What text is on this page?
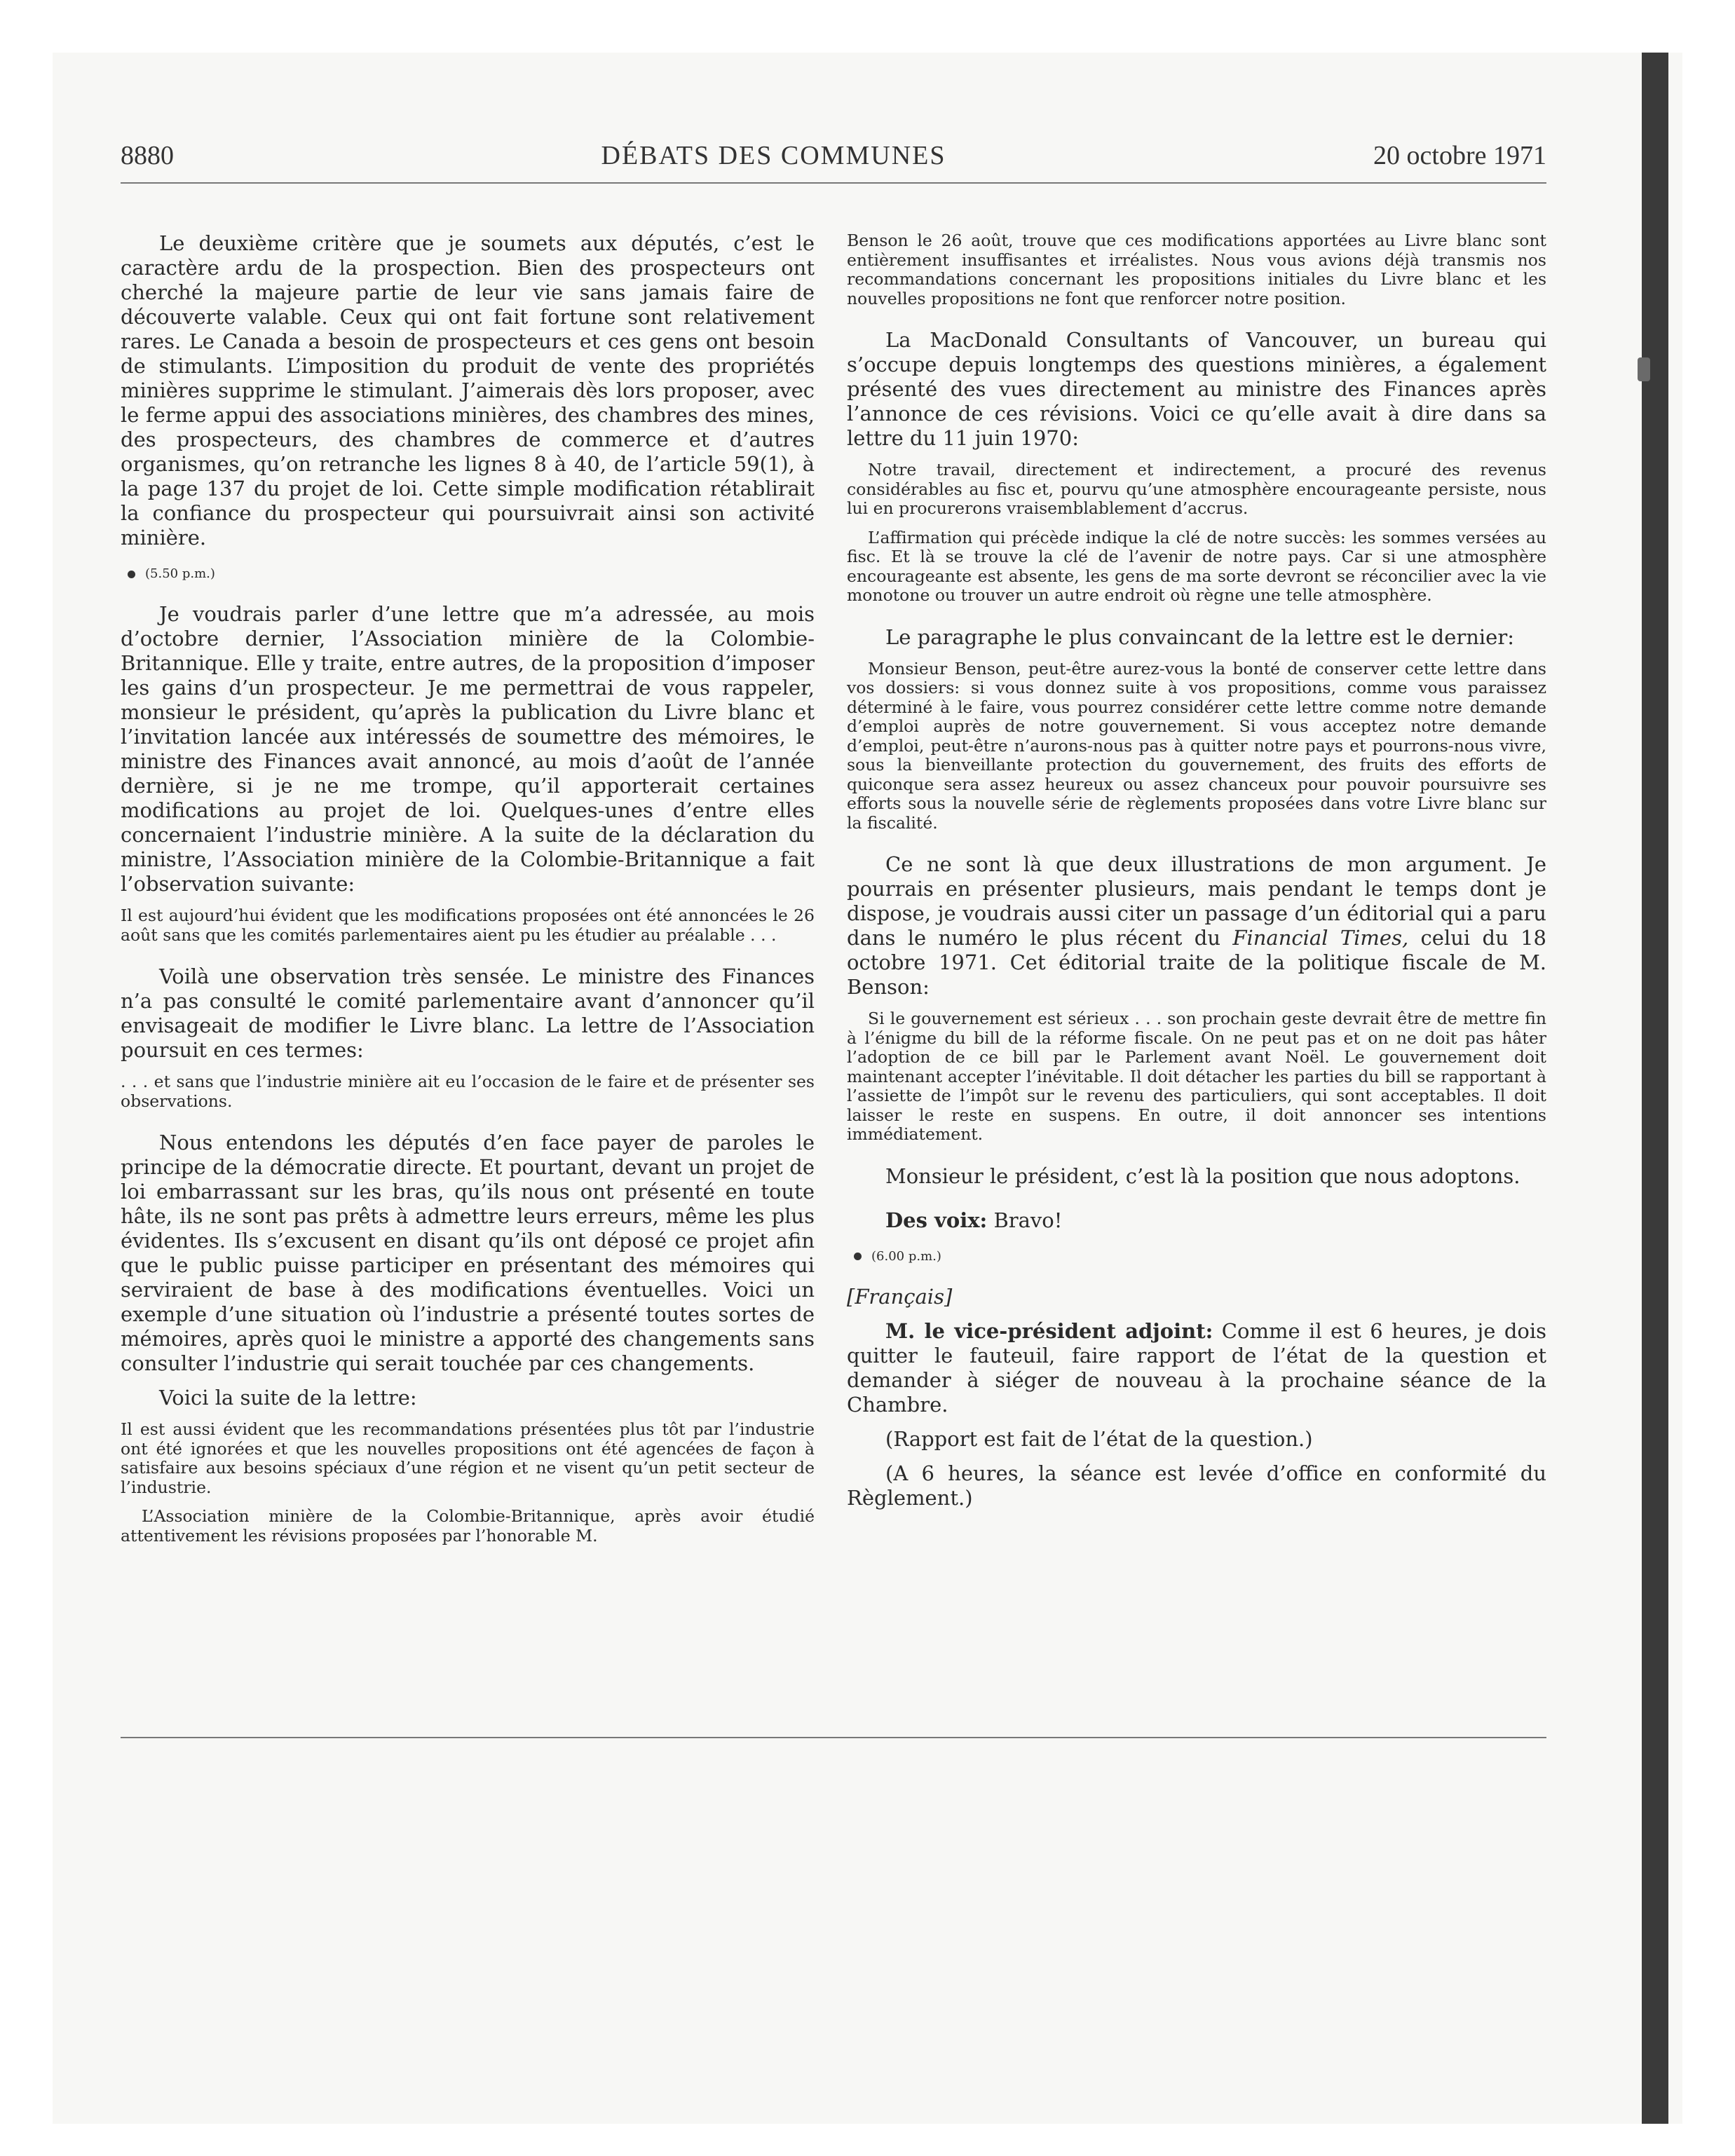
8880	DÉBATS DES COMMUNES	20 octobre 1971

Le deuxième critère que je soumets aux députés, c’est le caractère ardu de la prospection. Bien des prospecteurs ont cherché la majeure partie de leur vie sans jamais faire de découverte valable. Ceux qui ont fait fortune sont relativement rares. Le Canada a besoin de prospecteurs et ces gens ont besoin de stimulants. L’imposition du produit de vente des propriétés minières supprime le stimulant. J’aimerais dès lors proposer, avec le ferme appui des associations minières, des chambres des mines, des prospecteurs, des chambres de commerce et d’autres organismes, qu’on retranche les lignes 8 à 40, de l’article 59(1), à la page 137 du projet de loi. Cette simple modification rétablirait la confiance du prospecteur qui poursuivrait ainsi son activité minière.

(5.50 p.m.)

Je voudrais parler d’une lettre que m’a adressée, au mois d’octobre dernier, l’Association minière de la Colombie-Britannique. Elle y traite, entre autres, de la proposition d’imposer les gains d’un prospecteur. Je me permettrai de vous rappeler, monsieur le président, qu’après la publication du Livre blanc et l’invitation lancée aux intéressés de soumettre des mémoires, le ministre des Finances avait annoncé, au mois d’août de l’année dernière, si je ne me trompe, qu’il apporterait certaines modifications au projet de loi. Quelques-unes d’entre elles concernaient l’industrie minière. A la suite de la déclaration du ministre, l’Association minière de la Colombie-Britannique a fait l’observation suivante:

Il est aujourd’hui évident que les modifications proposées ont été annoncées le 26 août sans que les comités parlementaires aient pu les étudier au préalable . . .

Voilà une observation très sensée. Le ministre des Finances n’a pas consulté le comité parlementaire avant d’annoncer qu’il envisageait de modifier le Livre blanc. La lettre de l’Association poursuit en ces termes:

. . . et sans que l’industrie minière ait eu l’occasion de le faire et de présenter ses observations.

Nous entendons les députés d’en face payer de paroles le principe de la démocratie directe. Et pourtant, devant un projet de loi embarrassant sur les bras, qu’ils nous ont présenté en toute hâte, ils ne sont pas prêts à admettre leurs erreurs, même les plus évidentes. Ils s’excusent en disant qu’ils ont déposé ce projet afin que le public puisse participer en présentant des mémoires qui serviraient de base à des modifications éventuelles. Voici un exemple d’une situation où l’industrie a présenté toutes sortes de mémoires, après quoi le ministre a apporté des changements sans consulter l’industrie qui serait touchée par ces changements.

Voici la suite de la lettre:

Il est aussi évident que les recommandations présentées plus tôt par l’industrie ont été ignorées et que les nouvelles propositions ont été agencées de façon à satisfaire aux besoins spéciaux d’une région et ne visent qu’un petit secteur de l’industrie.

L’Association minière de la Colombie-Britannique, après avoir étudié attentivement les révisions proposées par l’honorable M.

Benson le 26 août, trouve que ces modifications apportées au Livre blanc sont entièrement insuffisantes et irréalistes. Nous vous avions déjà transmis nos recommandations concernant les propositions initiales du Livre blanc et les nouvelles propositions ne font que renforcer notre position.

La MacDonald Consultants of Vancouver, un bureau qui s’occupe depuis longtemps des questions minières, a également présenté des vues directement au ministre des Finances après l’annonce de ces révisions. Voici ce qu’elle avait à dire dans sa lettre du 11 juin 1970:

Notre travail, directement et indirectement, a procuré des revenus considérables au fisc et, pourvu qu’une atmosphère encourageante persiste, nous lui en procurerons vraisemblablement d’accrus.

L’affirmation qui précède indique la clé de notre succès: les sommes versées au fisc. Et là se trouve la clé de l’avenir de notre pays. Car si une atmosphère encourageante est absente, les gens de ma sorte devront se réconcilier avec la vie monotone ou trouver un autre endroit où règne une telle atmosphère.

Le paragraphe le plus convaincant de la lettre est le dernier:

Monsieur Benson, peut-être aurez-vous la bonté de conserver cette lettre dans vos dossiers: si vous donnez suite à vos propositions, comme vous paraissez déterminé à le faire, vous pourrez considérer cette lettre comme notre demande d’emploi auprès de notre gouvernement. Si vous acceptez notre demande d’emploi, peut-être n’aurons-nous pas à quitter notre pays et pourrons-nous vivre, sous la bienveillante protection du gouvernement, des fruits des efforts de quiconque sera assez heureux ou assez chanceux pour pouvoir poursuivre ses efforts sous la nouvelle série de règlements proposées dans votre Livre blanc sur la fiscalité.

Ce ne sont là que deux illustrations de mon argument. Je pourrais en présenter plusieurs, mais pendant le temps dont je dispose, je voudrais aussi citer un passage d’un éditorial qui a paru dans le numéro le plus récent du Financial Times, celui du 18 octobre 1971. Cet éditorial traite de la politique fiscale de M. Benson:

Si le gouvernement est sérieux . . . son prochain geste devrait être de mettre fin à l’énigme du bill de la réforme fiscale. On ne peut pas et on ne doit pas hâter l’adoption de ce bill par le Parlement avant Noël. Le gouvernement doit maintenant accepter l’inévitable. Il doit détacher les parties du bill se rapportant à l’assiette de l’impôt sur le revenu des particuliers, qui sont acceptables. Il doit laisser le reste en suspens. En outre, il doit annoncer ses intentions immédiatement.

Monsieur le président, c’est là la position que nous adoptons.

Des voix: Bravo!

(6.00 p.m.)

[Français]

M. le vice-président adjoint: Comme il est 6 heures, je dois quitter le fauteuil, faire rapport de l’état de la question et demander à siéger de nouveau à la prochaine séance de la Chambre.

(Rapport est fait de l’état de la question.)

(A 6 heures, la séance est levée d’office en conformité du Règlement.)
